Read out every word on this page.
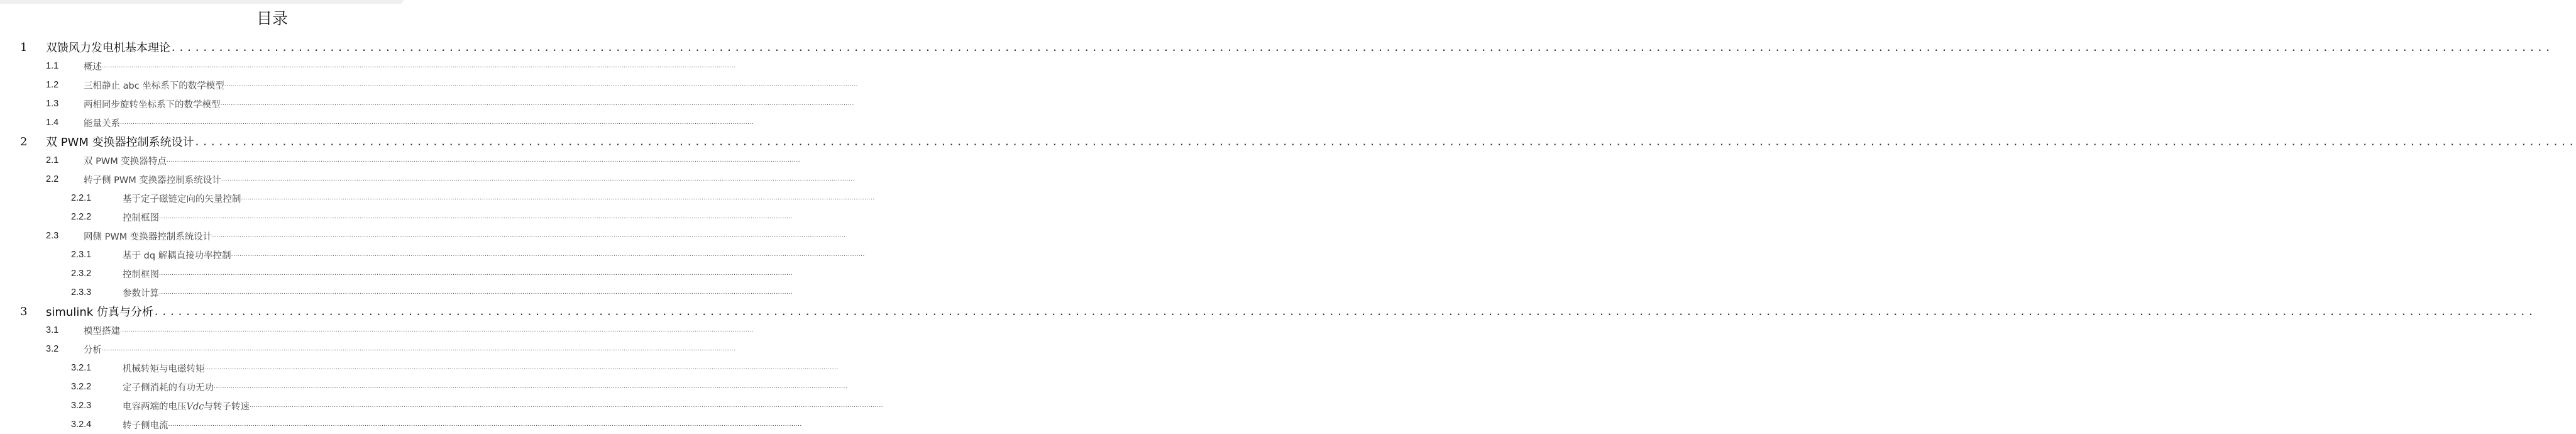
目录
1	双馈风力发电机基本理论 ............................................................................................................................................................................................................................................................................................................
1.1	概述 ............................................................................................................................................................................................................................................................................................................
1.2	三相静止 abc 坐标系下的数学模型 ............................................................................................................................................................................................................................................................................................................
1.3	两相同步旋转坐标系下的数学模型 ............................................................................................................................................................................................................................................................................................................
1.4	能量关系 ............................................................................................................................................................................................................................................................................................................
2	双 PWM 变换器控制系统设计 ............................................................................................................................................................................................................................................................................................................
2.1	双 PWM 变换器特点 ............................................................................................................................................................................................................................................................................................................
2.2	转子侧 PWM 变换器控制系统设计 ............................................................................................................................................................................................................................................................................................................
2.2.1	基于定子磁链定向的矢量控制 ............................................................................................................................................................................................................................................................................................................
2.2.2	控制框图 ............................................................................................................................................................................................................................................................................................................
2.3	网侧 PWM 变换器控制系统设计 ............................................................................................................................................................................................................................................................................................................
2.3.1	基于 dq 解耦直接功率控制 ............................................................................................................................................................................................................................................................................................................
2.3.2	控制框图 ............................................................................................................................................................................................................................................................................................................
2.3.3	参数计算 ............................................................................................................................................................................................................................................................................................................
3	simulink 仿真与分析 ............................................................................................................................................................................................................................................................................................................
3.1	模型搭建 ............................................................................................................................................................................................................................................................................................................
3.2	分析 ............................................................................................................................................................................................................................................................................................................
3.2.1	机械转矩与电磁转矩 ............................................................................................................................................................................................................................................................................................................
3.2.2	定子侧消耗的有功无功 ............................................................................................................................................................................................................................................................................................................
3.2.3	电容两端的电压Vdc与转子转速 ............................................................................................................................................................................................................................................................................................................
3.2.4	转子侧电流 ............................................................................................................................................................................................................................................................................................................
